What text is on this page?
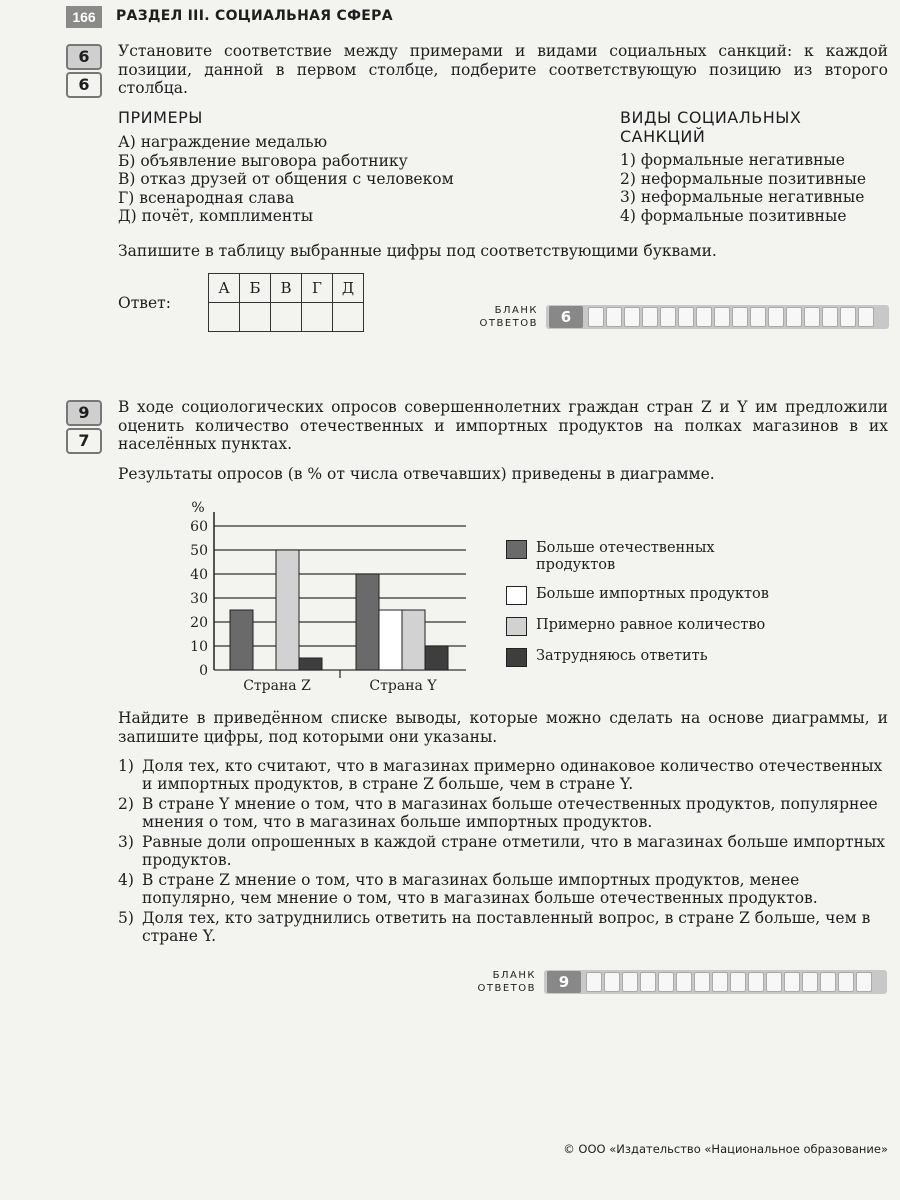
166	РАЗДЕЛ III. СОЦИАЛЬНАЯ СФЕРА
6
6
Установите соответствие между примерами и видами социальных санкций: к каждой позиции, данной в первом столбце, подберите соответствующую позицию из второго столбца.
ПРИМЕРЫ
А) награждение медалью
Б) объявление выговора работнику
В) отказ друзей от общения с человеком
Г) всенародная слава
Д) почёт, комплименты
ВИДЫ СОЦИАЛЬНЫХ
САНКЦИЙ
1) формальные негативные
2) неформальные позитивные
3) неформальные негативные
4) формальные позитивные
Запишите в таблицу выбранные цифры под соответствующими буквами.
Ответ:
А	Б	В	Г	Д

БЛАНК
ОТВЕТОВ	6
9
7
В ходе социологических опросов совершеннолетних граждан стран Z и Y им предложили оценить количество отечественных и импортных продуктов на полках магазинов в их населённых пунктах.
Результаты опросов (в % от числа отвечавших) приведены в диаграмме.
0
10
20
30
40
50
60
%
Страна Z	Страна Y
Больше отечественных продуктов
Больше импортных продуктов
Примерно равное количество
Затрудняюсь ответить
Найдите в приведённом списке выводы, которые можно сделать на основе диаграммы, и запишите цифры, под которыми они указаны.
1) Доля тех, кто считают, что в магазинах примерно одинаковое количество отечественных и импортных продуктов, в стране Z больше, чем в стране Y.
2) В стране Y мнение о том, что в магазинах больше отечественных продуктов, популярнее мнения о том, что в магазинах больше импортных продуктов.
3) Равные доли опрошенных в каждой стране отметили, что в магазинах больше импортных продуктов.
4) В стране Z мнение о том, что в магазинах больше импортных продуктов, менее популярно, чем мнение о том, что в магазинах больше отечественных продуктов.
5) Доля тех, кто затруднились ответить на поставленный вопрос, в стране Z больше, чем в стране Y.
БЛАНК
ОТВЕТОВ	9
© ООО «Издательство «Национальное образование»
